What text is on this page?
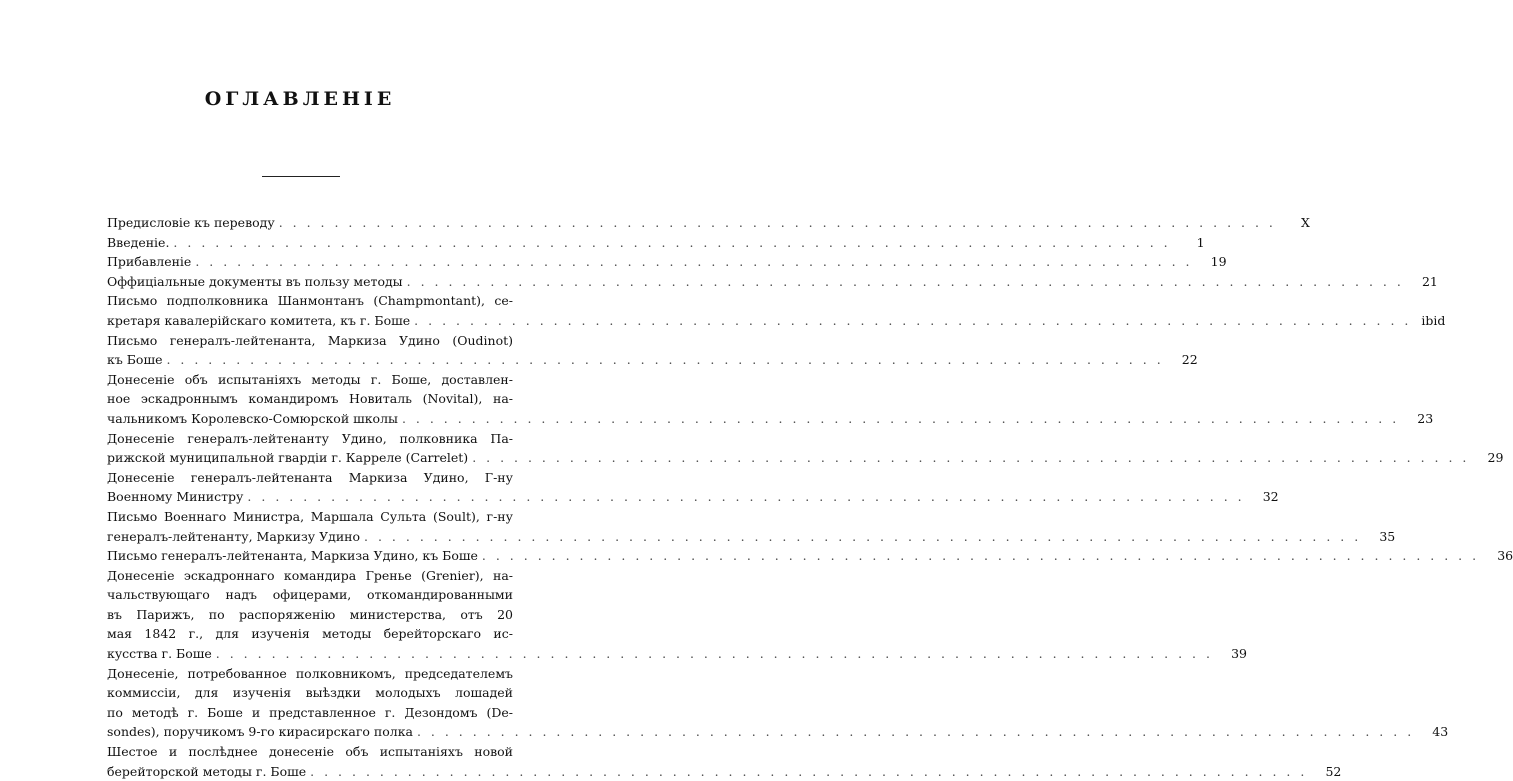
ОГЛАВЛЕНІЕ
Предисловіе къ переводу . . .	X
Введеніе. . . .	1
Прибавленіе . . .	19
Оффиціальные документы въ пользу методы . . .	21
Письмо подполковника Шанмонтанъ (Champmontant), се-
кретаря кавалерійскаго комитета, къ г. Боше . . .	ibid
Письмо генералъ-лейтенанта, Маркиза Удино (Oudinot)
къ Боше . . .	22
Донесеніе объ испытаніяхъ методы г. Боше, доставлен-
ное эскадроннымъ командиромъ Новиталь (Novital), на-
чальникомъ Королевско-Сомюрской школы . . .	23
Донесеніе генералъ-лейтенанту Удино, полковника Па-
рижской муниципальной гвардіи г. Карреле (Carrelet) . . .	29
Донесеніе генералъ-лейтенанта Маркиза Удино, Г-ну
Военному Министру . . .	32
Письмо Военнаго Министра, Маршала Сульта (Soult), г-ну
генералъ-лейтенанту, Маркизу Удино . . .	35
Письмо генералъ-лейтенанта, Маркиза Удино, къ Боше . . .	36
Донесеніе эскадроннаго командира Гренье (Grenier), на-
чальствующаго надъ офицерами, откомандированными
въ Парижъ, по распоряженію министерства, отъ 20
мая 1842 г., для изученія методы берейторскаго ис-
кусства г. Боше . . .	39
Донесеніе, потребованное полковникомъ, председателемъ
коммиссіи, для изученія выѣздки молодыхъ лошадей
по методѣ г. Боше и представленное г. Дезондомъ (De-
sondes), поручикомъ 9-го кирасирскаго полка . . .	43
Шестое и послѣднее донесеніе объ испытаніяхъ новой
берейторской методы г. Боше . . .	52
